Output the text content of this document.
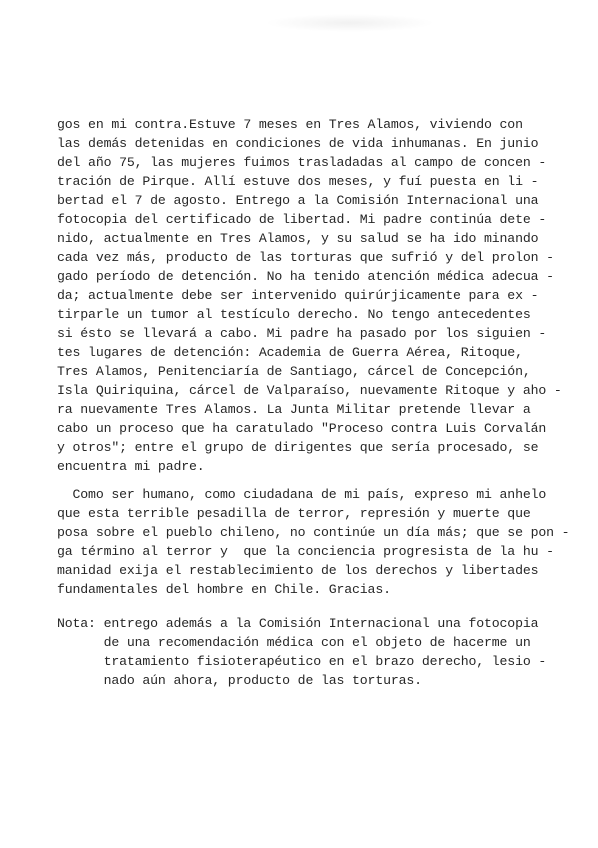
gos en mi contra.Estuve 7 meses en Tres Alamos, viviendo con
las demás detenidas en condiciones de vida inhumanas. En junio
del año 75, las mujeres fuimos trasladadas al campo de concen -
tración de Pirque. Allí estuve dos meses, y fuí puesta en li -
bertad el 7 de agosto. Entrego a la Comisión Internacional una
fotocopia del certificado de libertad. Mi padre continúa dete -
nido, actualmente en Tres Alamos, y su salud se ha ido minando
cada vez más, producto de las torturas que sufrió y del prolon -
gado período de detención. No ha tenido atención médica adecua -
da; actualmente debe ser intervenido quirúrjicamente para ex -
tirparle un tumor al testículo derecho. No tengo antecedentes
si ésto se llevará a cabo. Mi padre ha pasado por los siguien -
tes lugares de detención: Academia de Guerra Aérea, Ritoque,
Tres Alamos, Penitenciaría de Santiago, cárcel de Concepción,
Isla Quiriquina, cárcel de Valparaíso, nuevamente Ritoque y aho -
ra nuevamente Tres Alamos. La Junta Militar pretende llevar a
cabo un proceso que ha caratulado "Proceso contra Luis Corvalán
y otros"; entre el grupo de dirigentes que sería procesado, se
encuentra mi padre.
Como ser humano, como ciudadana de mi país, expreso mi anhelo
que esta terrible pesadilla de terror, represión y muerte que
posa sobre el pueblo chileno, no continúe un día más; que se pon -
ga término al terror y  que la conciencia progresista de la hu -
manidad exija el restablecimiento de los derechos y libertades
fundamentales del hombre en Chile. Gracias.
Nota: entrego además a la Comisión Internacional una fotocopia
de una recomendación médica con el objeto de hacerme un
tratamiento fisioterapéutico en el brazo derecho, lesio -
nado aún ahora, producto de las torturas.
